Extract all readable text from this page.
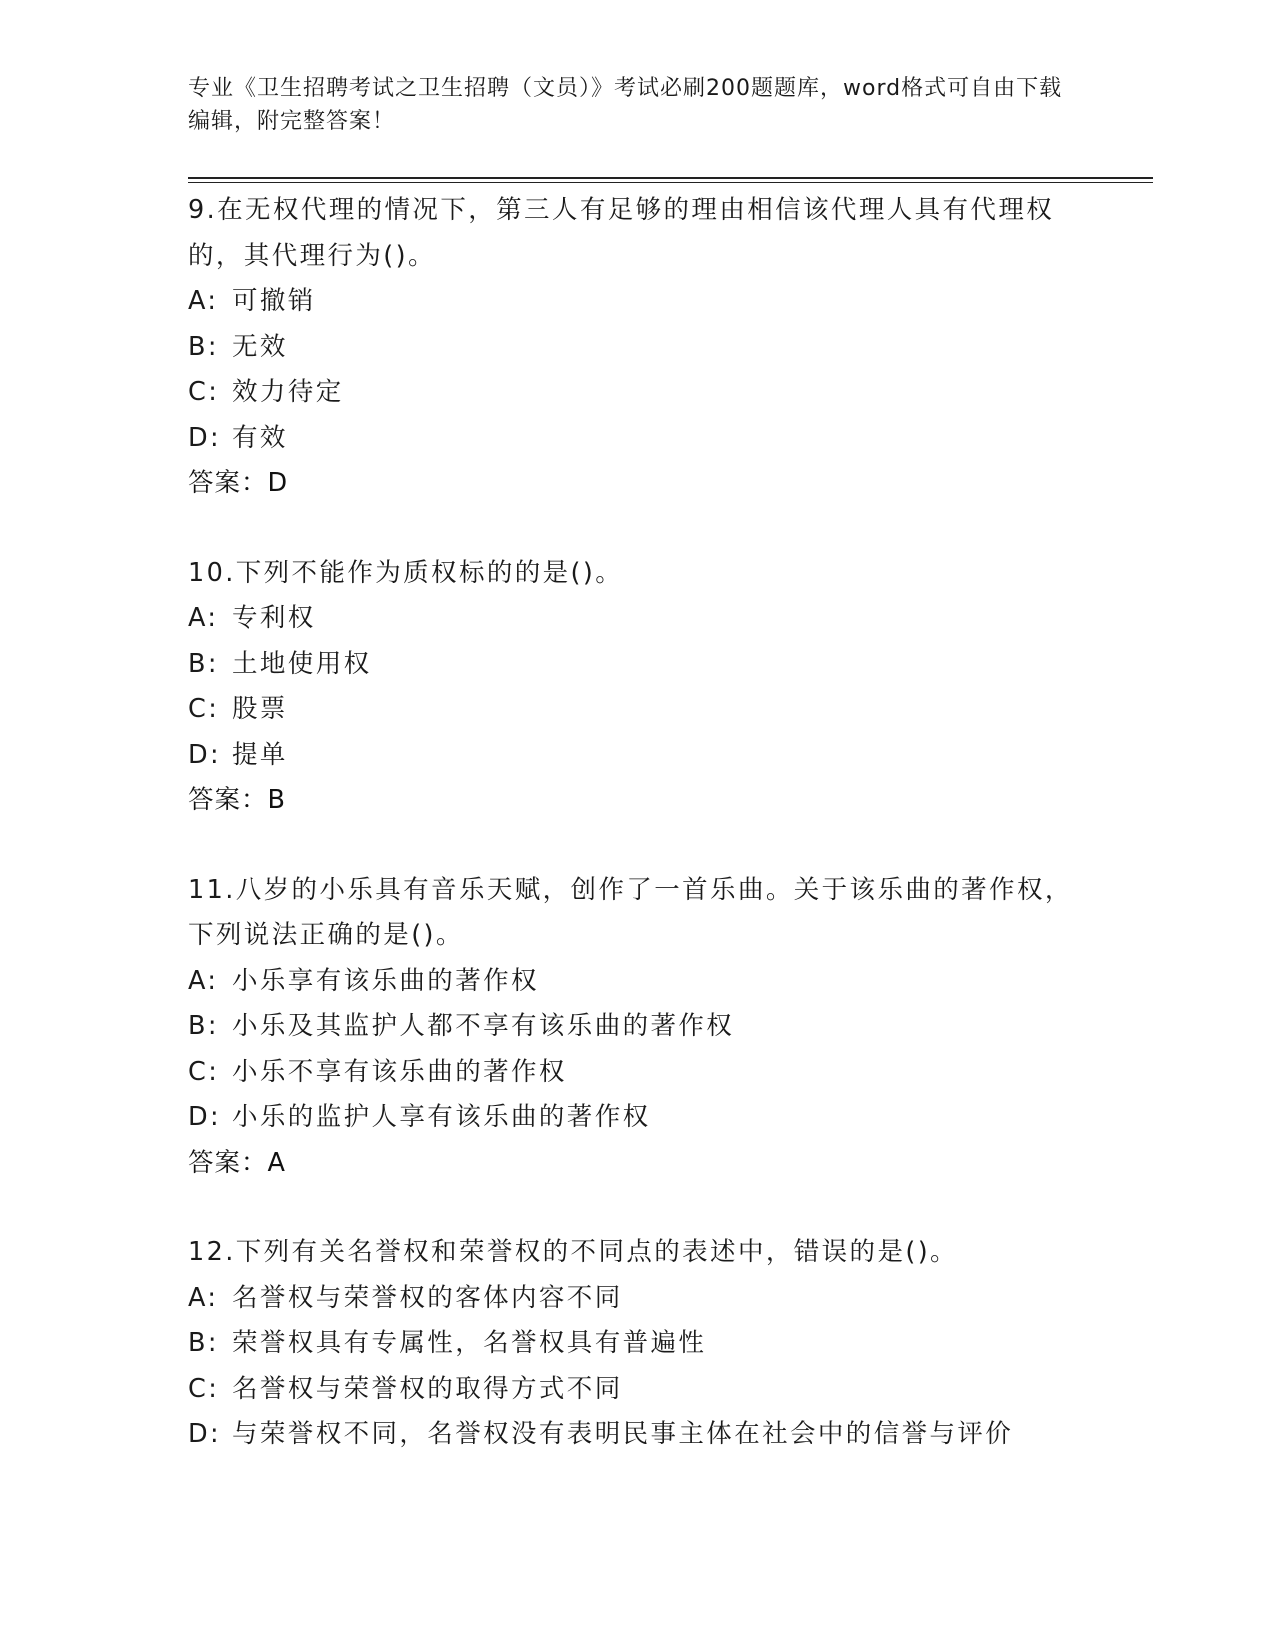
专业《卫生招聘考试之卫生招聘（文员）》考试必刷200题题库，word格式可自由下载编辑，附完整答案！

9.在无权代理的情况下，第三人有足够的理由相信该代理人具有代理权的，其代理行为()。

A: 可撤销

B: 无效

C: 效力待定

D: 有效

答案：D

10.下列不能作为质权标的的是()。

A: 专利权

B: 土地使用权

C: 股票

D: 提单

答案：B

11.八岁的小乐具有音乐天赋，创作了一首乐曲。关于该乐曲的著作权，下列说法正确的是()。

A: 小乐享有该乐曲的著作权

B: 小乐及其监护人都不享有该乐曲的著作权

C: 小乐不享有该乐曲的著作权

D: 小乐的监护人享有该乐曲的著作权

答案：A

12.下列有关名誉权和荣誉权的不同点的表述中，错误的是()。

A: 名誉权与荣誉权的客体内容不同

B: 荣誉权具有专属性，名誉权具有普遍性

C: 名誉权与荣誉权的取得方式不同

D: 与荣誉权不同，名誉权没有表明民事主体在社会中的信誉与评价
